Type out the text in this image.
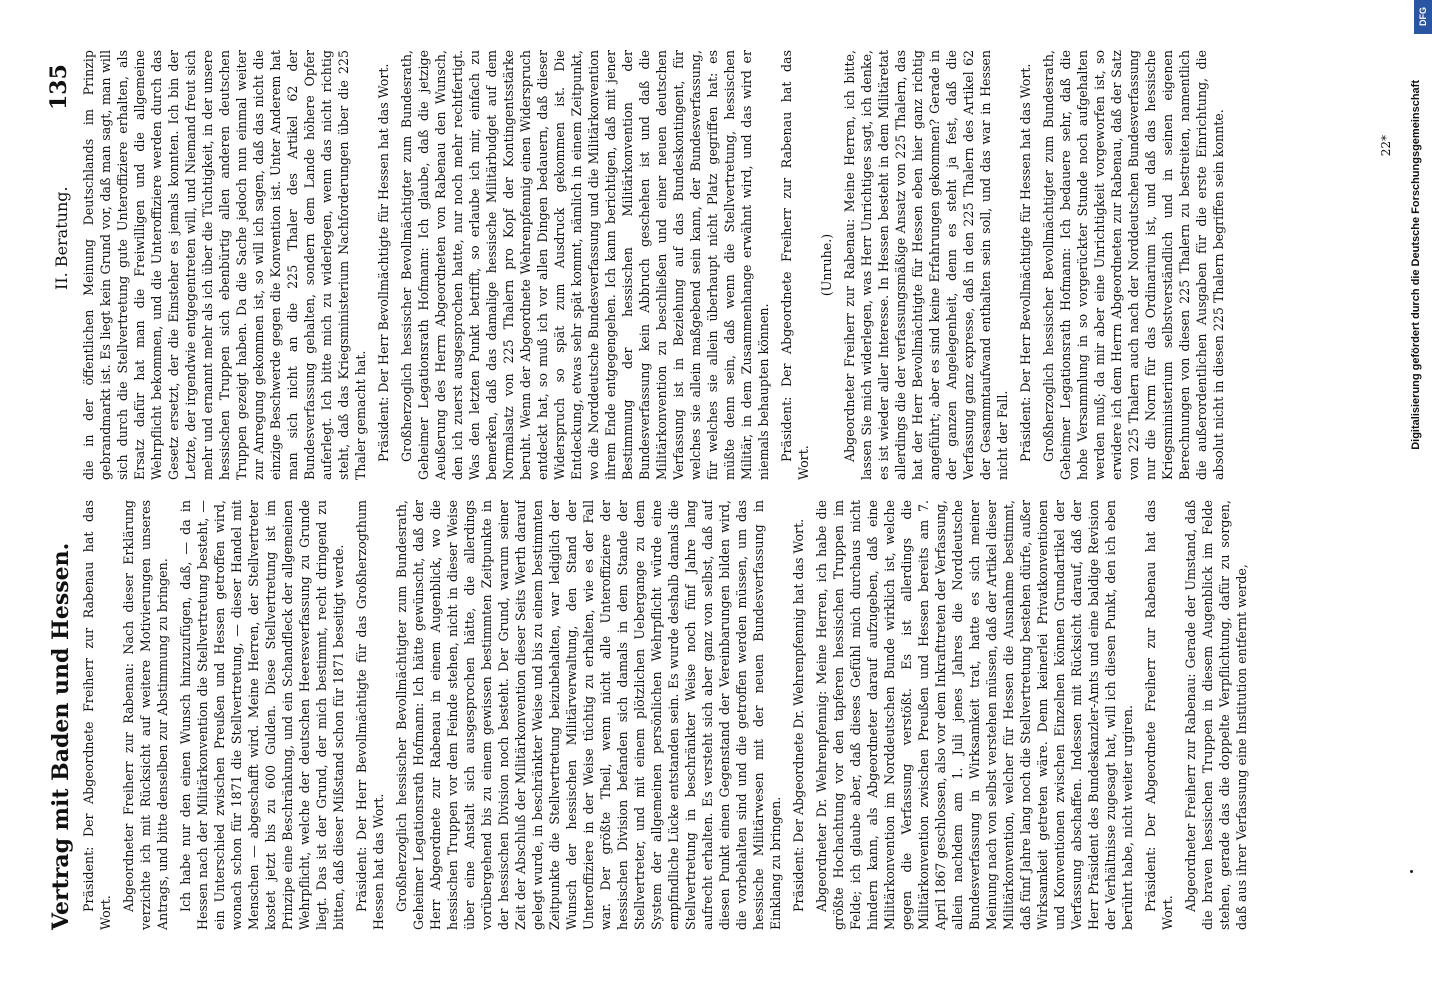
Vertrag mit Baden und Hessen.
II. Beratung.
135

Präsident: Der Abgeordnete Freiherr zur Rabenau hat das Wort.

Abgeordneter Freiherr zur Rabenau: Nach dieser Erklärung verzichte ich mit Rücksicht auf weitere Motivierungen unseres Antrags, und bitte denselben zur Abstimmung zu bringen. Ich habe nur den einen Wunsch hinzuzufügen, daß, — da in Hessen nach der Militärkonvention die Stellvertretung besteht, — ein Unterschied zwischen Preußen und Hessen getroffen wird, wonach schon für 1871 die Stellvertretung, — dieser Handel mit Menschen — abgeschafft wird. Meine Herren, der Stellvertreter kostet jetzt bis zu 600 Gulden. Diese Stellvertretung ist im Prinzipe eine Beschränkung, und ein Schandfleck der allgemeinen Wehrpflicht, welche der deutschen Heeresverfassung zu Grunde liegt. Das ist der Grund, der mich bestimmt, recht dringend zu bitten, daß dieser Mißstand schon für 1871 beseitigt werde. Präsident: Der Herr Bevollmächtigte für das Großherzogthum Hessen hat das Wort. Großherzoglich hessischer Bevollmächtigter zum Bundesrath, Geheimer Legationsrath Hofmann: Ich hätte gewünscht, daß der Herr Abgeordnete zur Rabenau in einem Augenblick, wo die hessischen Truppen vor dem Feinde stehen, nicht in dieser Weise über eine Anstalt sich ausgesprochen hätte, die allerdings vorübergehend bis zu einem gewissen bestimmten Zeitpunkte in der hessischen Division noch besteht. Der Grund, warum seiner Zeit der Abschluß der Militärkonvention dieser Seits Werth darauf gelegt wurde, in beschränkter Weise und bis zu einem bestimmten Zeitpunkte die Stellvertretung beizubehalten, war lediglich der Wunsch der hessischen Militärverwaltung, den Stand der Unteroffiziere in der Weise tüchtig zu erhalten, wie es der Fall war. Der größte Theil, wenn nicht alle Unteroffiziere der hessischen Division befanden sich damals in dem Stande der Stellvertreter, und mit einem plötzlichen Uebergange zu dem System der allgemeinen persönlichen Wehrpflicht würde eine empfindliche Lücke entstanden sein. Es wurde deshalb damals die Stellvertretung in beschränkter Weise noch fünf Jahre lang aufrecht erhalten. Es versteht sich aber ganz von selbst, daß auf diesen Punkt einen Gegenstand der Vereinbarungen bilden wird, die vorbehalten sind und die getroffen werden müssen, um das hessische Militärwesen mit der neuen Bundesverfassung in Einklang zu bringen. Präsident: Der Abgeordnete Dr. Wehrenpfennig hat das Wort. Abgeordneter Dr. Wehrenpfennig: Meine Herren, ich habe die größte Hochachtung vor den tapferen hessischen Truppen im Felde; ich glaube aber, daß dieses Gefühl mich durchaus nicht hindern kann, als Abgeordneter darauf aufzugeben, daß eine Militärkonvention im Norddeutschen Bunde wirklich ist, welche gegen die Verfassung verstößt. Es ist allerdings die Militärkonvention zwischen Preußen und Hessen bereits am 7. April 1867 geschlossen, also vor dem Inkrafttreten der Verfassung, allein nachdem am 1. Juli jenes Jahres die Norddeutsche Bundesverfassung in Wirksamkeit trat, hatte es sich meiner Meinung nach von selbst verstehen müssen, daß der Artikel dieser Militärkonvention, welcher für Hessen die Ausnahme bestimmt, daß fünf Jahre lang noch die Stellvertretung bestehen dürfe, außer Wirksamkeit getreten wäre. Denn keinerlei Privatkonventionen und Konventionen zwischen Einzelnen können Grundartikel der Verfassung abschaffen. Indessen mit Rücksicht darauf, daß der Herr Präsident des Bundeskanzler-Amts und eine baldige Revision der Verhältnisse zugesagt hat, will ich diesen Punkt, den ich eben berührt habe, nicht weiter urgiren. Präsident: Der Abgeordnete Freiherr zur Rabenau hat das Wort.

Abgeordneter Freiherr zur Rabenau: Gerade der Umstand, daß die braven hessischen Truppen in diesem Augenblick im Felde stehen, gerade das die doppelte Verpflichtung, dafür zu sorgen, daß aus ihrer Verfassung eine Institution entfernt werde,

die in der öffentlichen Meinung Deutschlands im Prinzip gebrandmarkt ist. Es liegt kein Grund vor, daß man sagt, man will sich durch die Stellvertretung gute Unteroffiziere erhalten, als Ersatz dafür hat man die Freiwilligen und die allgemeine Wehrpflicht bekommen, und die Unteroffiziere werden durch das Gesetz ersetzt, der die Einsteher es jemals konnten. Ich bin der Letzte, der irgendwie entgegentreten will, und Niemand freut sich mehr und ernannt mehr als ich über die Tüchtigkeit, in der unsere hessischen Truppen sich ebenbürtig allen anderen deutschen Truppen gezeigt haben. Da die Sache jedoch nun einmal weiter zur Anregung gekommen ist, so will ich sagen, daß das nicht die einzige Beschwerde gegen die Konvention ist. Unter Anderem hat man sich nicht an die 225 Thaler des Artikel 62 der Bundesverfassung gehalten, sondern dem Lande höhere Opfer auferlegt. Ich bitte mich zu widerlegen, wenn das nicht richtig steht, daß das Kriegsministerium Nachforderungen über die 225 Thaler gemacht hat. Präsident: Der Herr Bevollmächtigte für Hessen hat das Wort. Großherzoglich hessischer Bevollmächtigter zum Bundesrath, Geheimer Legationsrath Hofmann: Ich glaube, daß die jetzige Aeußerung des Herrn Abgeordneten von Rabenau den Wunsch, den ich zuerst ausgesprochen hatte, nur noch mehr rechtfertigt. Was den letzten Punkt betrifft, so erlaube ich mir, einfach zu bemerken, daß das damalige hessische Militärbudget auf dem Normalsatz von 225 Thalern pro Kopf der Kontingentsstärke beruht. Wenn der Abgeordnete Wehrenpfennig einen Widerspruch entdeckt hat, so muß ich vor allen Dingen bedauern, daß dieser Widerspruch so spät zum Ausdruck gekommen ist. Die Entdeckung, etwas sehr spät kommt, nämlich in einem Zeitpunkt, wo die Norddeutsche Bundesverfassung und die Militärkonvention ihrem Ende entgegengehen. Ich kann berichtigen, daß mit jener Bestimmung der hessischen Militärkonvention der Bundesverfassung kein Abbruch geschehen ist und daß die Militärkonvention zu beschließen und einer neuen deutschen Verfassung ist in Beziehung auf das Bundeskontingent, für welches sie allein maßgebend sein kann, der Bundesverfassung, für welches sie allein überhaupt nicht Platz gegriffen hat: es müßte denn sein, daß wenn die Stellvertretung, hessischen Militär, in dem Zusammenhange erwähnt wird, und das wird er niemals behaupten können. Präsident: Der Abgeordnete Freiherr zur Rabenau hat das Wort.

(Unruhe.) Abgeordneter Freiherr zur Rabenau: Meine Herren, ich bitte, lassen Sie mich widerlegen, was Herr Unrichtiges sagt, ich denke, es ist wieder aller Interesse. In Hessen besteht in dem Militäretat allerdings die der verfassungsmäßige Ansatz von 225 Thalern, das hat der Herr Bevollmächtigte für Hessen eben hier ganz richtig angeführt; aber es sind keine Erfahrungen gekommen? Gerade in der ganzen Angelegenheit, denn es steht ja fest, daß die Verfassung ganz expresse, daß in den 225 Thalern des Artikel 62 der Gesammtaufwand enthalten sein soll, und das war in Hessen nicht der Fall. Präsident: Der Herr Bevollmächtigte für Hessen hat das Wort. Großherzoglich hessischer Bevollmächtigter zum Bundesrath, Geheimer Legationsrath Hofmann: Ich bedauere sehr, daß die hohe Versammlung in so vorgerückter Stunde noch aufgehalten werden muß; da mir aber eine Unrichtigkeit vorgeworfen ist, so erwidere ich dem Herrn Abgeordneten zur Rabenau, daß der Satz von 225 Thalern auch nach der Norddeutschen Bundesverfassung nur die Norm für das Ordinarium ist, und daß das hessische Kriegsministerium selbstverständlich und in seinen eigenen Berechnungen von diesen 225 Thalern zu bestreiten, namentlich die außerordentlichen Ausgaben für die erste Einrichtung, die absolut nicht in diesen 225 Thalern begriffen sein konnte.	22* Digitalisierung gefördert durch die Deutsche Forschungsgemeinschaft
DFG
